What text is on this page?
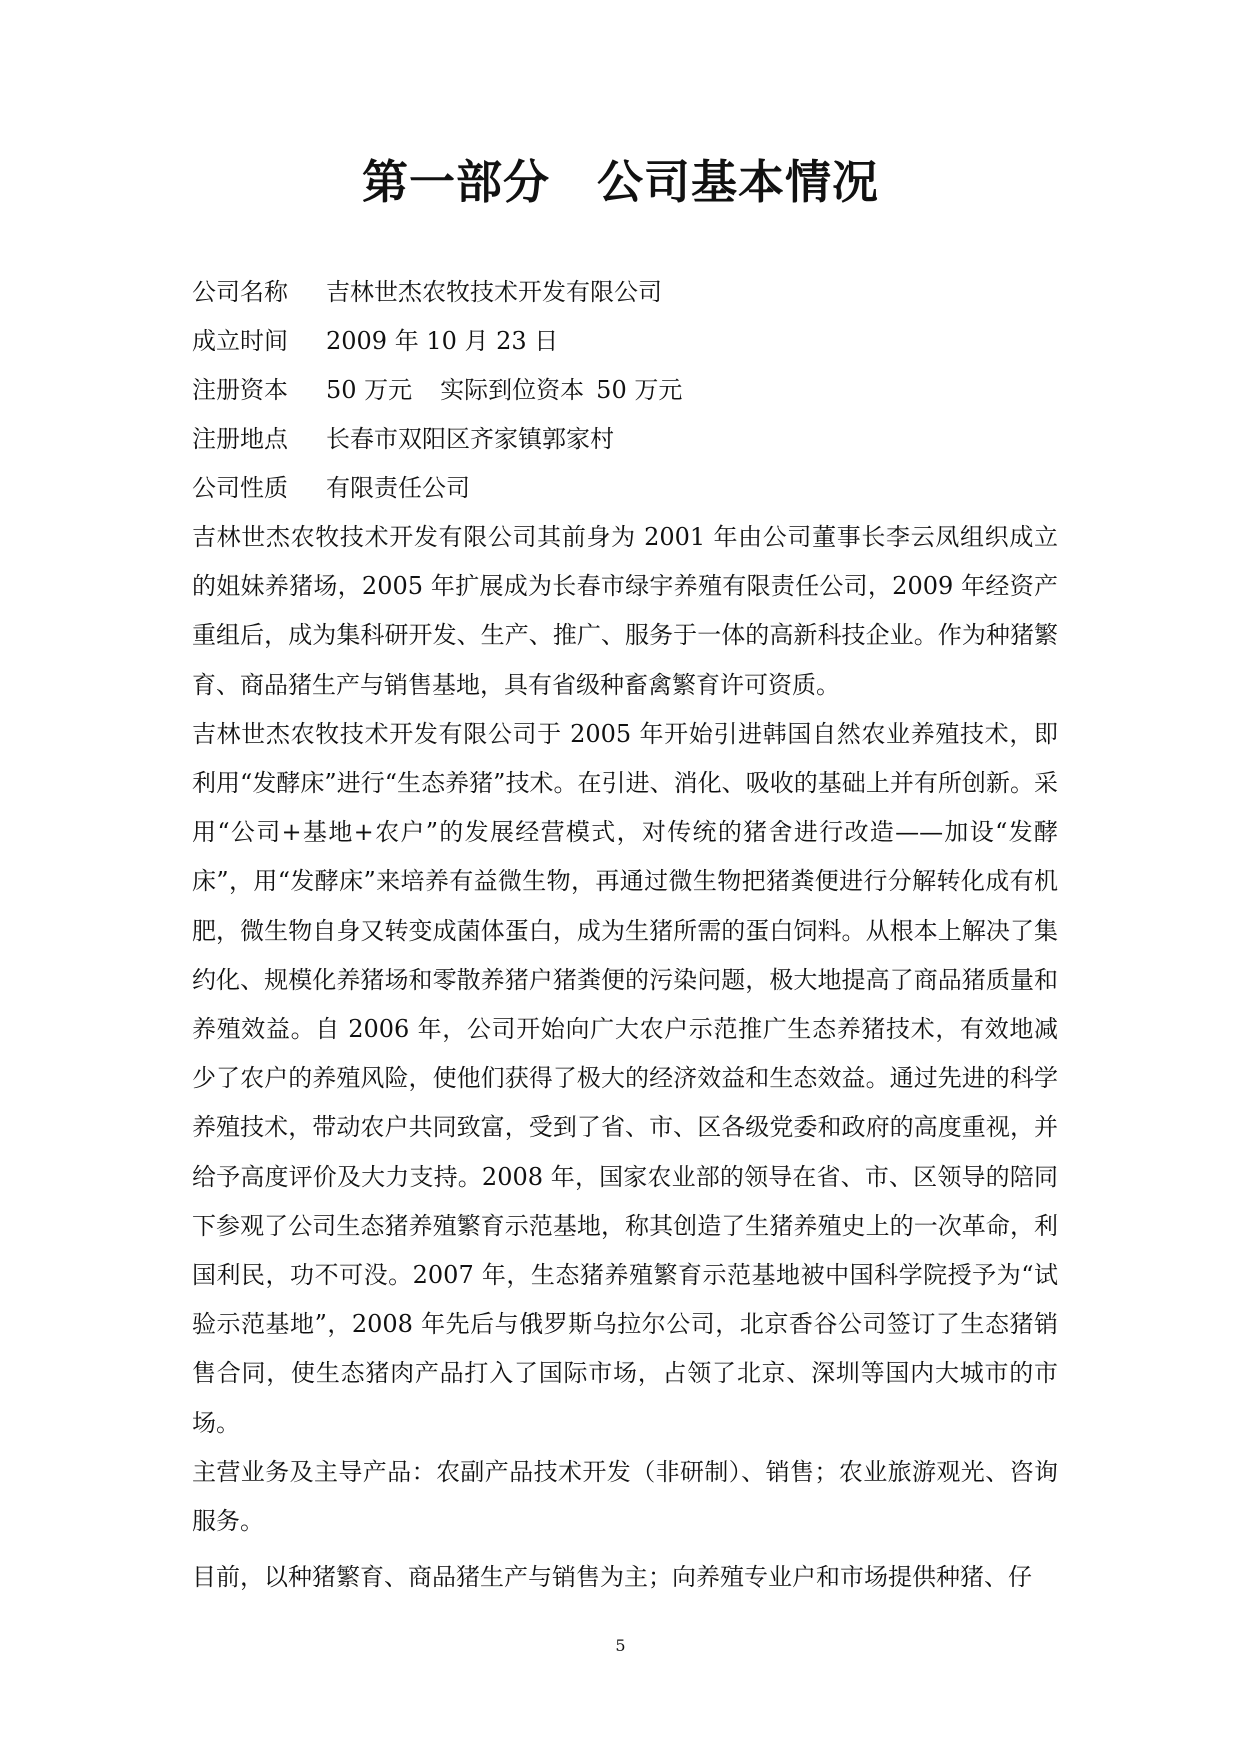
第一部分　公司基本情况
公司名称 吉林世杰农牧技术开发有限公司
成立时间 2009 年 10 月 23 日
注册资本 50 万元 实际到位资本  50 万元
注册地点 长春市双阳区齐家镇郭家村
公司性质 有限责任公司

吉林世杰农牧技术开发有限公司其前身为 2001 年由公司董事长李云凤组织成立的姐妹养猪场，2005 年扩展成为长春市绿宇养殖有限责任公司，2009 年经资产重组后，成为集科研开发、生产、推广、服务于一体的高新科技企业。作为种猪繁育、商品猪生产与销售基地，具有省级种畜禽繁育许可资质。

吉林世杰农牧技术开发有限公司于 2005 年开始引进韩国自然农业养殖技术，即利用“发酵床”进行“生态养猪”技术。在引进、消化、吸收的基础上并有所创新。采用“公司+基地+农户”的发展经营模式，对传统的猪舍进行改造——加设“发酵床”，用“发酵床”来培养有益微生物，再通过微生物把猪粪便进行分解转化成有机肥，微生物自身又转变成菌体蛋白，成为生猪所需的蛋白饲料。从根本上解决了集约化、规模化养猪场和零散养猪户猪粪便的污染问题，极大地提高了商品猪质量和养殖效益。自 2006 年，公司开始向广大农户示范推广生态养猪技术，有效地减少了农户的养殖风险，使他们获得了极大的经济效益和生态效益。通过先进的科学养殖技术，带动农户共同致富，受到了省、市、区各级党委和政府的高度重视，并给予高度评价及大力支持。2008 年，国家农业部的领导在省、市、区领导的陪同下参观了公司生态猪养殖繁育示范基地，称其创造了生猪养殖史上的一次革命，利国利民，功不可没。2007 年，生态猪养殖繁育示范基地被中国科学院授予为“试验示范基地”，2008 年先后与俄罗斯乌拉尔公司，北京香谷公司签订了生态猪销售合同，使生态猪肉产品打入了国际市场，占领了北京、深圳等国内大城市的市场。

主营业务及主导产品：农副产品技术开发（非研制）、销售；农业旅游观光、咨询服务。

目前，以种猪繁育、商品猪生产与销售为主；向养殖专业户和市场提供种猪、仔

5
